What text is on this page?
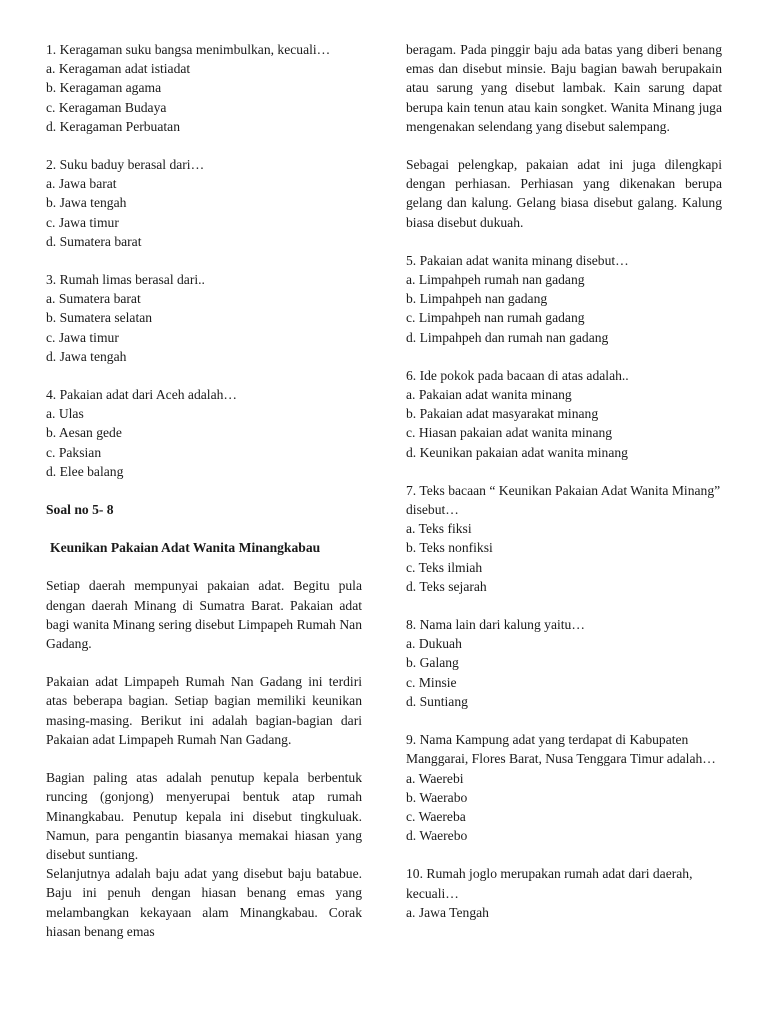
1. Keragaman suku bangsa menimbulkan, kecuali…
a. Keragaman adat istiadat
b. Keragaman agama
c. Keragaman Budaya
d. Keragaman Perbuatan
2. Suku baduy berasal dari…
a. Jawa barat
b. Jawa tengah
c. Jawa timur
d. Sumatera barat
3. Rumah limas berasal dari..
a. Sumatera barat
b. Sumatera selatan
c. Jawa timur
d. Jawa tengah
4. Pakaian adat dari Aceh adalah…
a. Ulas
b. Aesan gede
c. Paksian
d. Elee balang
Soal no 5- 8
Keunikan Pakaian Adat Wanita Minangkabau
Setiap daerah mempunyai pakaian adat. Begitu pula dengan daerah Minang di Sumatra Barat. Pakaian adat bagi wanita Minang sering disebut Limpapeh Rumah Nan Gadang.
Pakaian adat Limpapeh Rumah Nan Gadang ini terdiri atas beberapa bagian. Setiap bagian memiliki keunikan masing-masing. Berikut ini adalah bagian-bagian dari Pakaian adat Limpapeh Rumah Nan Gadang.
Bagian paling atas adalah penutup kepala berbentuk runcing (gonjong) menyerupai bentuk atap rumah Minangkabau. Penutup kepala ini disebut tingkuluak. Namun, para pengantin biasanya memakai hiasan yang disebut suntiang.
Selanjutnya adalah baju adat yang disebut baju batabue. Baju ini penuh dengan hiasan benang emas yang melambangkan kekayaan alam Minangkabau. Corak hiasan benang emas
beragam. Pada pinggir baju ada batas yang diberi benang emas dan disebut minsie. Baju bagian bawah berupakain atau sarung yang disebut lambak. Kain sarung dapat berupa kain tenun atau kain songket. Wanita Minang juga mengenakan selendang yang disebut salempang.
Sebagai pelengkap, pakaian adat ini juga dilengkapi dengan perhiasan. Perhiasan yang dikenakan berupa gelang dan kalung. Gelang biasa disebut galang. Kalung biasa disebut dukuah.
5. Pakaian adat wanita minang disebut…
a. Limpahpeh rumah nan gadang
b. Limpahpeh nan gadang
c. Limpahpeh nan rumah gadang
d. Limpahpeh dan rumah nan gadang
6. Ide pokok pada bacaan di atas adalah..
a. Pakaian adat wanita minang
b. Pakaian adat masyarakat minang
c. Hiasan pakaian adat wanita minang
d. Keunikan pakaian adat wanita minang
7. Teks bacaan “ Keunikan Pakaian Adat Wanita Minang” disebut…
a. Teks fiksi
b. Teks nonfiksi
c. Teks ilmiah
d. Teks sejarah
8. Nama lain dari kalung yaitu…
a. Dukuah
b. Galang
c. Minsie
d. Suntiang
9. Nama Kampung adat yang terdapat di Kabupaten Manggarai, Flores Barat, Nusa Tenggara Timur adalah…
a. Waerebi
b. Waerabo
c. Waereba
d. Waerebo
10. Rumah joglo merupakan rumah adat dari daerah, kecuali…
a. Jawa Tengah
